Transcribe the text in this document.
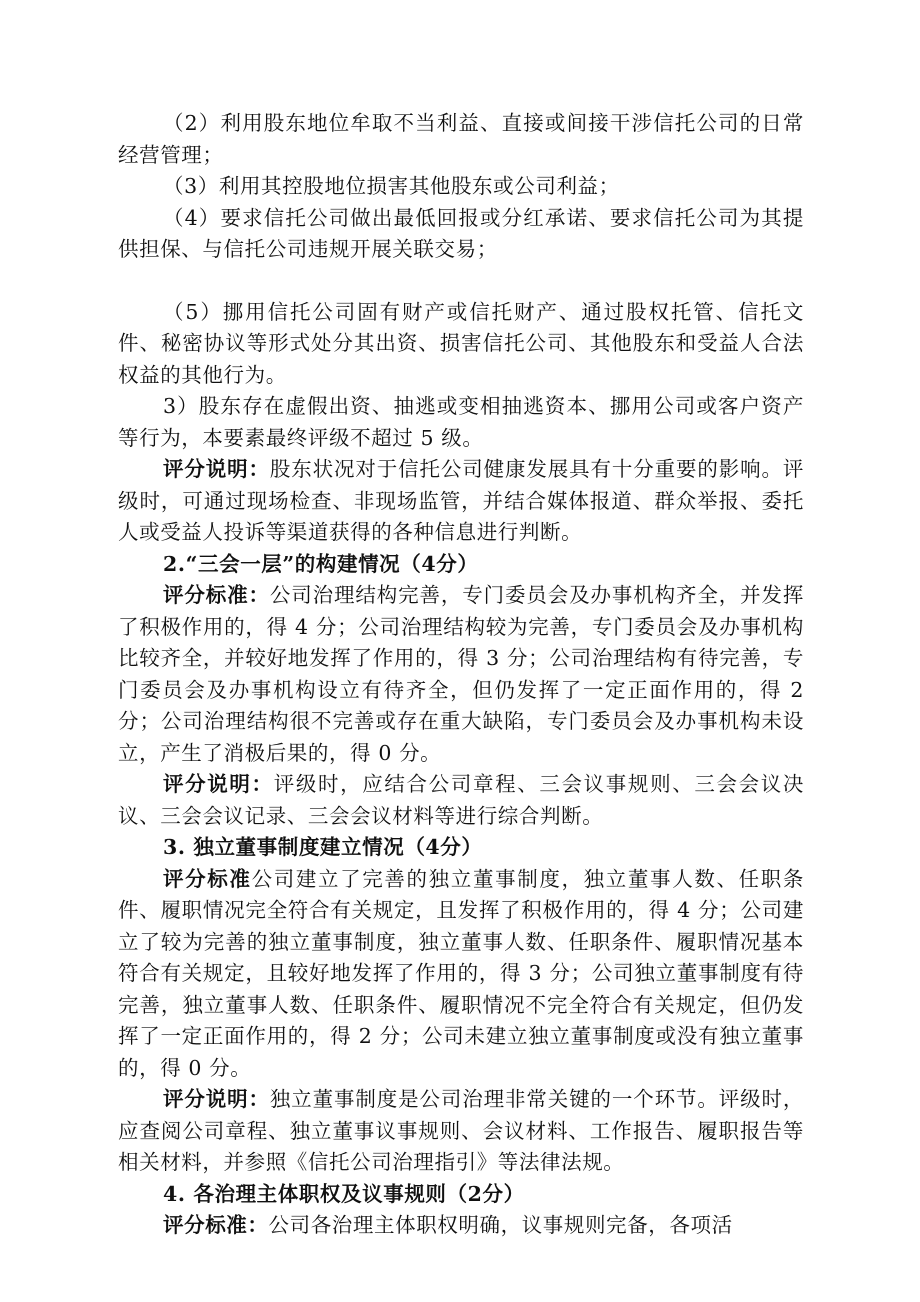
（2）利用股东地位牟取不当利益、直接或间接干涉信托公司的日常经营管理；

（3）利用其控股地位损害其他股东或公司利益；

（4）要求信托公司做出最低回报或分红承诺、要求信托公司为其提供担保、与信托公司违规开展关联交易；

（5）挪用信托公司固有财产或信托财产、通过股权托管、信托文件、秘密协议等形式处分其出资、损害信托公司、其他股东和受益人合法权益的其他行为。

3）股东存在虚假出资、抽逃或变相抽逃资本、挪用公司或客户资产等行为，本要素最终评级不超过 5 级。

评分说明：股东状况对于信托公司健康发展具有十分重要的影响。评级时，可通过现场检查、非现场监管，并结合媒体报道、群众举报、委托人或受益人投诉等渠道获得的各种信息进行判断。

2.“三会一层”的构建情况（4分）

评分标准：公司治理结构完善，专门委员会及办事机构齐全，并发挥了积极作用的，得 4 分；公司治理结构较为完善，专门委员会及办事机构比较齐全，并较好地发挥了作用的，得 3 分；公司治理结构有待完善，专门委员会及办事机构设立有待齐全，但仍发挥了一定正面作用的，得 2 分；公司治理结构很不完善或存在重大缺陷，专门委员会及办事机构未设立，产生了消极后果的，得 0 分。

评分说明：评级时，应结合公司章程、三会议事规则、三会会议决议、三会会议记录、三会会议材料等进行综合判断。

3. 独立董事制度建立情况（4分）

评分标准公司建立了完善的独立董事制度，独立董事人数、任职条件、履职情况完全符合有关规定，且发挥了积极作用的，得 4 分；公司建立了较为完善的独立董事制度，独立董事人数、任职条件、履职情况基本符合有关规定，且较好地发挥了作用的，得 3 分；公司独立董事制度有待完善，独立董事人数、任职条件、履职情况不完全符合有关规定，但仍发挥了一定正面作用的，得 2 分；公司未建立独立董事制度或没有独立董事的，得 0 分。

评分说明：独立董事制度是公司治理非常关键的一个环节。评级时，应查阅公司章程、独立董事议事规则、会议材料、工作报告、履职报告等相关材料，并参照《信托公司治理指引》等法律法规。

4. 各治理主体职权及议事规则（2分）

评分标准：公司各治理主体职权明确，议事规则完备，各项活
